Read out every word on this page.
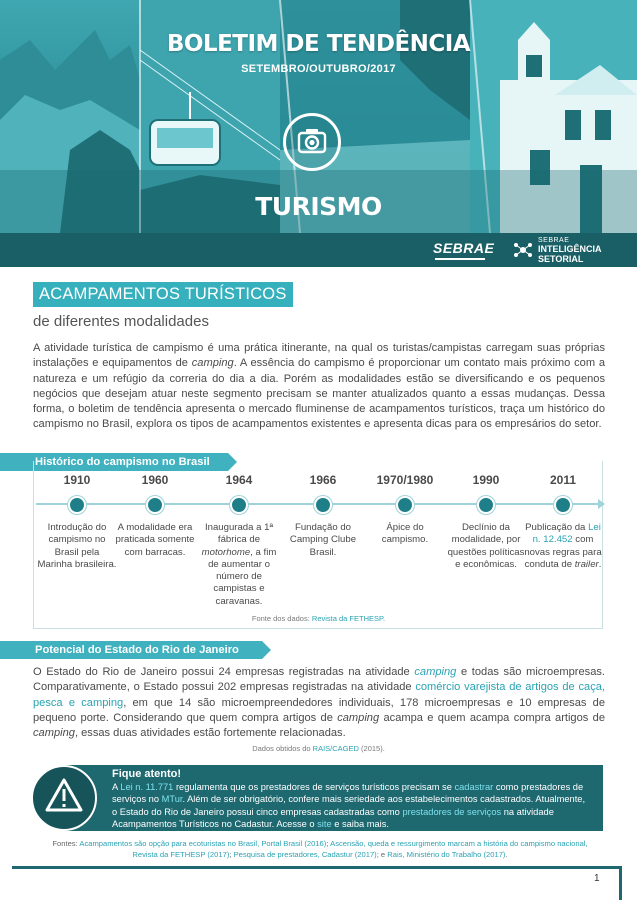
BOLETIM DE TENDÊNCIA
SETEMBRO/OUTUBRO/2017
TURISMO
SEBRAE	SEBRAE
INTELIGÊNCIA
SETORIAL
ACAMPAMENTOS TURÍSTICOS
de diferentes modalidades

A atividade turística de campismo é uma prática itinerante, na qual os turistas/campistas carregam suas próprias instalações e equipamentos de camping. A essência do campismo é proporcionar um contato mais próximo com a natureza e um refúgio da correria do dia a dia. Porém as modalidades estão se diversificando e os pequenos negócios que desejam atuar neste segmento precisam se manter atualizados quanto a essas mudanças. Dessa forma, o boletim de tendência apresenta o mercado fluminense de acampamentos turísticos, traça um histórico do campismo no Brasil, explora os tipos de acampamentos existentes e apresenta dicas para os empresários do setor.

Histórico do campismo no Brasil
1910
Introdução do campismo no Brasil pela Marinha brasileira.
1960
A modalidade era praticada somente com barracas.
1964
Inaugurada a 1ª fábrica de motorhome, a fim de aumentar o número de campistas e caravanas.
1966
Fundação do Camping Clube Brasil.
1970/1980
Ápice do campismo.
1990
Declínio da modalidade, por questões políticas e econômicas.
2011
Publicação da Lei n. 12.452 com novas regras para conduta de trailer.
Fonte dos dados: Revista da FETHESP.
Potencial do Estado do Rio de Janeiro

O Estado do Rio de Janeiro possui 24 empresas registradas na atividade camping e todas são microempresas. Comparativamente, o Estado possui 202 empresas registradas na atividade comércio varejista de artigos de caça, pesca e camping, em que 14 são microempreendedores individuais, 178 microempresas e 10 empresas de pequeno porte. Considerando que quem compra artigos de camping acampa e quem acampa compra artigos de camping, essas duas atividades estão fortemente relacionadas.

Dados obtidos do RAIS/CAGED (2015).
Fique atento!

A Lei n. 11.771 regulamenta que os prestadores de serviços turísticos precisam se cadastrar como prestadores de serviços no MTur. Além de ser obrigatório, confere mais seriedade aos estabelecimentos cadastrados. Atualmente, o Estado do Rio de Janeiro possui cinco empresas cadastradas como prestadores de serviços na atividade Acampamentos Turísticos no Cadastur. Acesse o site e saiba mais.

Fontes: Acampamentos são opção para ecoturistas no Brasil, Portal Brasil (2016); Ascensão, queda e ressurgimento marcam a história do campismo nacional, Revista da FETHESP (2017); Pesquisa de prestadores, Cadastur (2017); e Rais, Ministério do Trabalho (2017).
1
